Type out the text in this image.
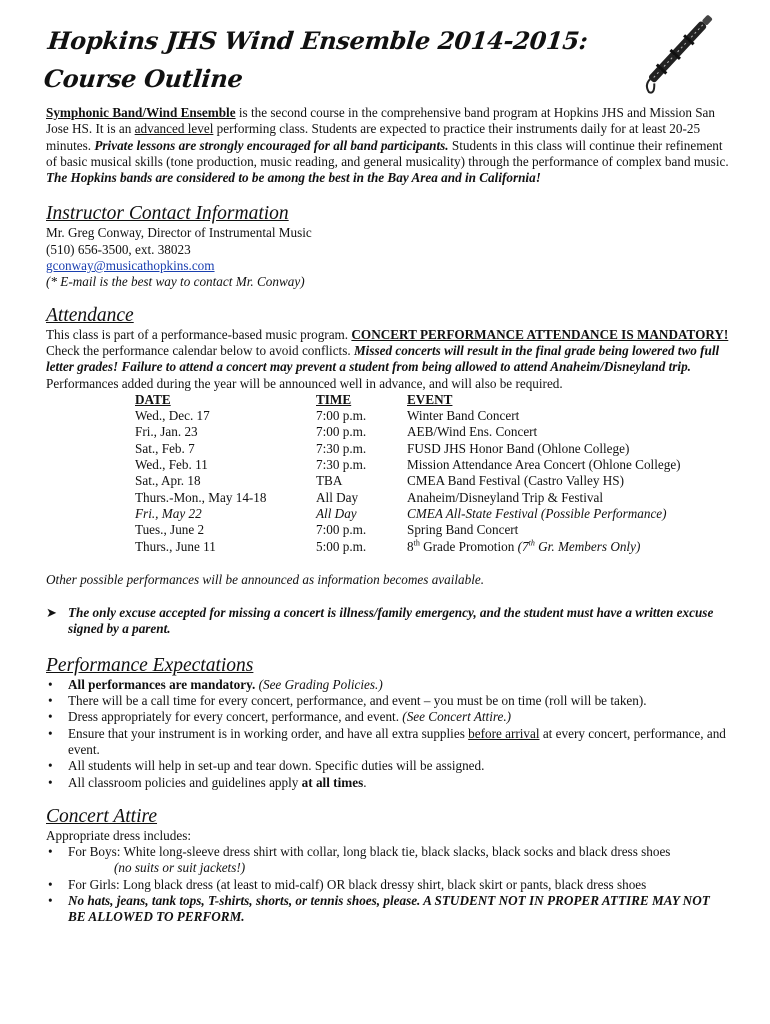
Hopkins JHS Wind Ensemble 2014-2015:
Course Outline

Symphonic Band/Wind Ensemble is the second course in the comprehensive band program at Hopkins JHS and Mission San Jose HS. It is an advanced level performing class. Students are expected to practice their instruments daily for at least 20-25 minutes. Private lessons are strongly encouraged for all band participants. Students in this class will continue their refinement of basic musical skills (tone production, music reading, and general musicality) through the performance of complex band music. The Hopkins bands are considered to be among the best in the Bay Area and in California!

Instructor Contact Information

Mr. Greg Conway, Director of Instrumental Music

(510) 656-3500, ext. 38023

gconway@musicathopkins.com

(* E-mail is the best way to contact Mr. Conway)

Attendance

This class is part of a performance-based music program. CONCERT PERFORMANCE ATTENDANCE IS MANDATORY! Check the performance calendar below to avoid conflicts. Missed concerts will result in the final grade being lowered two full letter grades! Failure to attend a concert may prevent a student from being allowed to attend Anaheim/Disneyland trip. Performances added during the year will be announced well in advance, and will also be required.

DATE	TIME	EVENT
Wed., Dec. 17	7:00 p.m.	Winter Band Concert
Fri., Jan. 23	7:00 p.m.	AEB/Wind Ens. Concert
Sat., Feb. 7	7:30 p.m.	FUSD JHS Honor Band (Ohlone College)
Wed., Feb. 11	7:30 p.m.	Mission Attendance Area Concert (Ohlone College)
Sat., Apr. 18	TBA	CMEA Band Festival (Castro Valley HS)
Thurs.-Mon., May 14-18	All Day	Anaheim/Disneyland Trip & Festival
Fri., May 22	All Day	CMEA All-State Festival (Possible Performance)
Tues., June 2	7:00 p.m.	Spring Band Concert
Thurs., June 11	5:00 p.m.	8th Grade Promotion (7th Gr. Members Only)

Other possible performances will be announced as information becomes available.

➤ The only excuse accepted for missing a concert is illness/family emergency, and the student must have a written excuse signed by a parent.
Performance Expectations
• All performances are mandatory. (See Grading Policies.)
• There will be a call time for every concert, performance, and event – you must be on time (roll will be taken).
• Dress appropriately for every concert, performance, and event. (See Concert Attire.)
• Ensure that your instrument is in working order, and have all extra supplies before arrival at every concert, performance, and event.
• All students will help in set-up and tear down. Specific duties will be assigned.
• All classroom policies and guidelines apply at all times.
Concert Attire

Appropriate dress includes:

• For Boys: White long-sleeve dress shirt with collar, long black tie, black slacks, black socks and black dress shoes
(no suits or suit jackets!)
• For Girls: Long black dress (at least to mid-calf) OR black dressy shirt, black skirt or pants, black dress shoes
• No hats, jeans, tank tops, T-shirts, shorts, or tennis shoes, please. A STUDENT NOT IN PROPER ATTIRE MAY NOT BE ALLOWED TO PERFORM.
